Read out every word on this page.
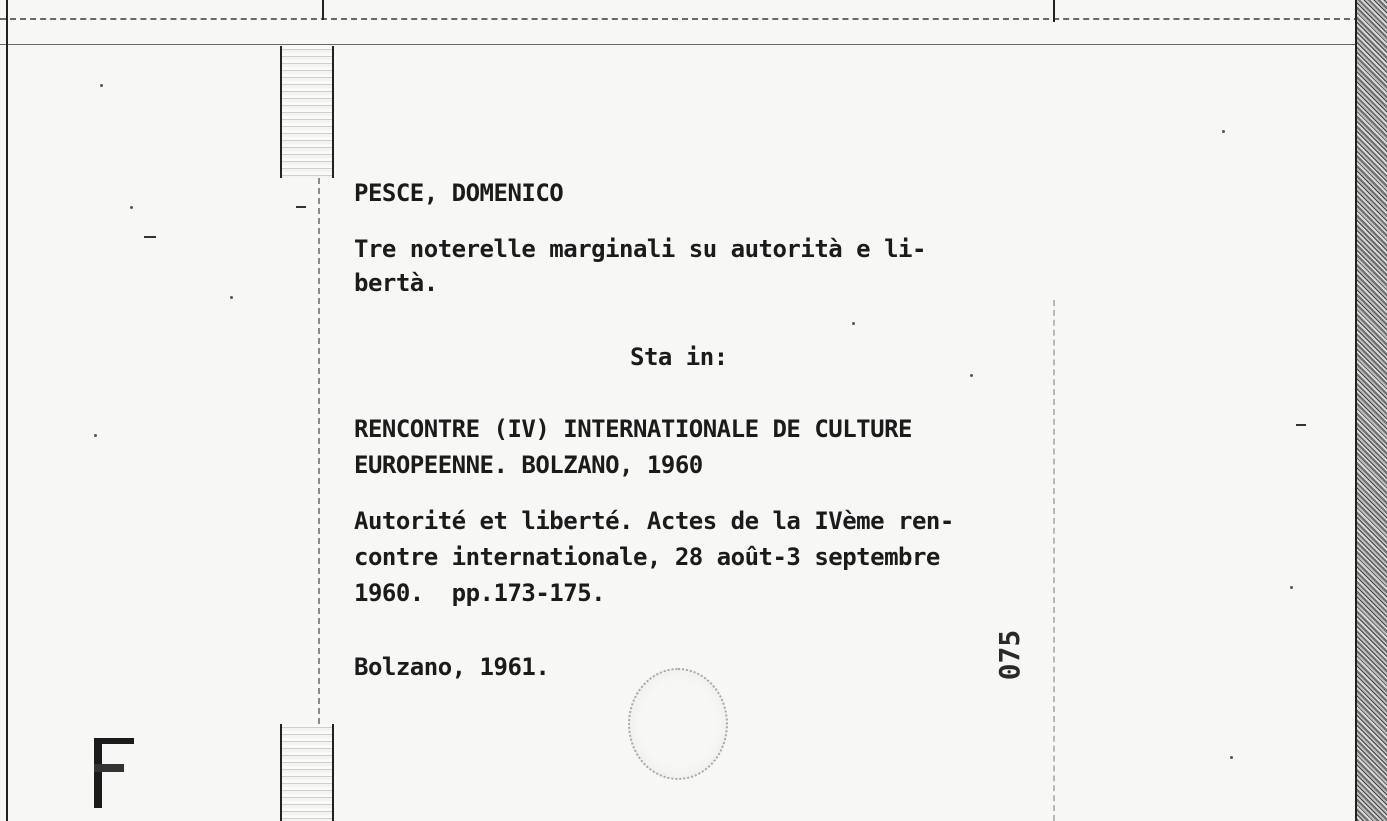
PESCE, DOMENICO
Tre noterelle marginali su autorità e li-
bertà.
Sta in:
RENCONTRE (IV) INTERNATIONALE DE CULTURE
EUROPEENNE. BOLZANO, 1960
Autorité et liberté. Actes de la IVème ren-
contre internationale, 28 août-3 septembre
1960.  pp.173-175.
Bolzano, 1961.	075
